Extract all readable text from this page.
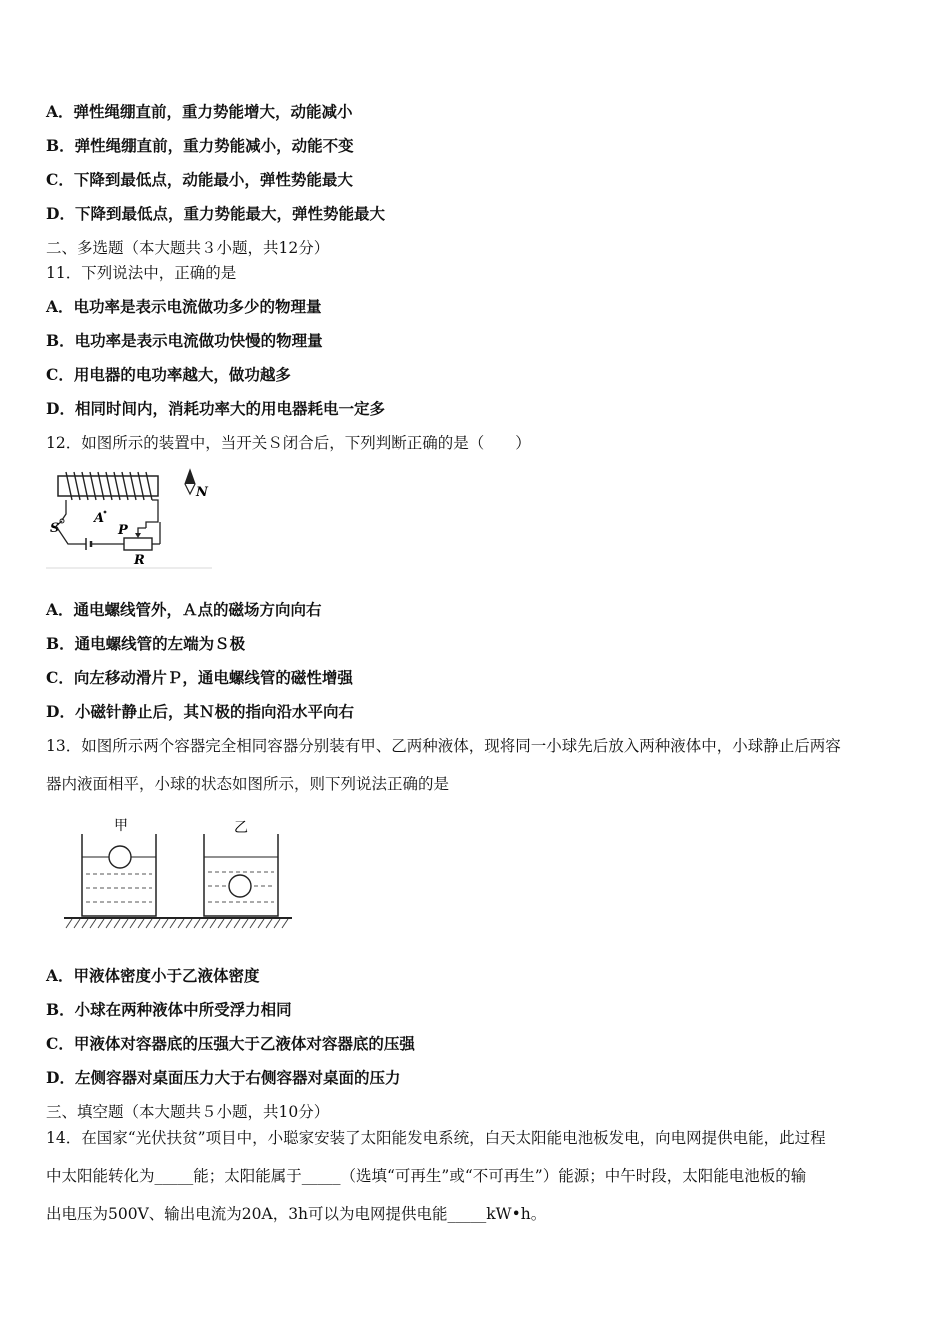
A．弹性绳绷直前，重力势能增大，动能减小
B．弹性绳绷直前，重力势能减小，动能不变
C．下降到最低点，动能最小，弹性势能最大
D．下降到最低点，重力势能最大，弹性势能最大
二、多选题（本大题共３小题，共12分）
11．下列说法中，正确的是
A．电功率是表示电流做功多少的物理量
B．电功率是表示电流做功快慢的物理量
C．用电器的电功率越大，做功越多
D．相同时间内，消耗功率大的用电器耗电一定多
12．如图所示的装置中，当开关Ｓ闭合后，下列判断正确的是（　　）
S
A
P
R
N
A．通电螺线管外，Ａ点的磁场方向向右
B．通电螺线管的左端为Ｓ极
C．向左移动滑片Ｐ，通电螺线管的磁性增强
D．小磁针静止后，其Ｎ极的指向沿水平向右
13．如图所示两个容器完全相同容器分别装有甲、乙两种液体，现将同一小球先后放入两种液体中，小球静止后两容
器内液面相平，小球的状态如图所示，则下列说法正确的是
甲	乙
A．甲液体密度小于乙液体密度
B．小球在两种液体中所受浮力相同
C．甲液体对容器底的压强大于乙液体对容器底的压强
D．左侧容器对桌面压力大于右侧容器对桌面的压力
三、填空题（本大题共５小题，共10分）
14．在国家“光伏扶贫”项目中，小聪家安装了太阳能发电系统，白天太阳能电池板发电，向电网提供电能，此过程
中太阳能转化为_____能；太阳能属于_____（选填“可再生”或“不可再生”）能源；中午时段，太阳能电池板的输
出电压为500V、输出电流为20A，3h可以为电网提供电能_____kW•h。
